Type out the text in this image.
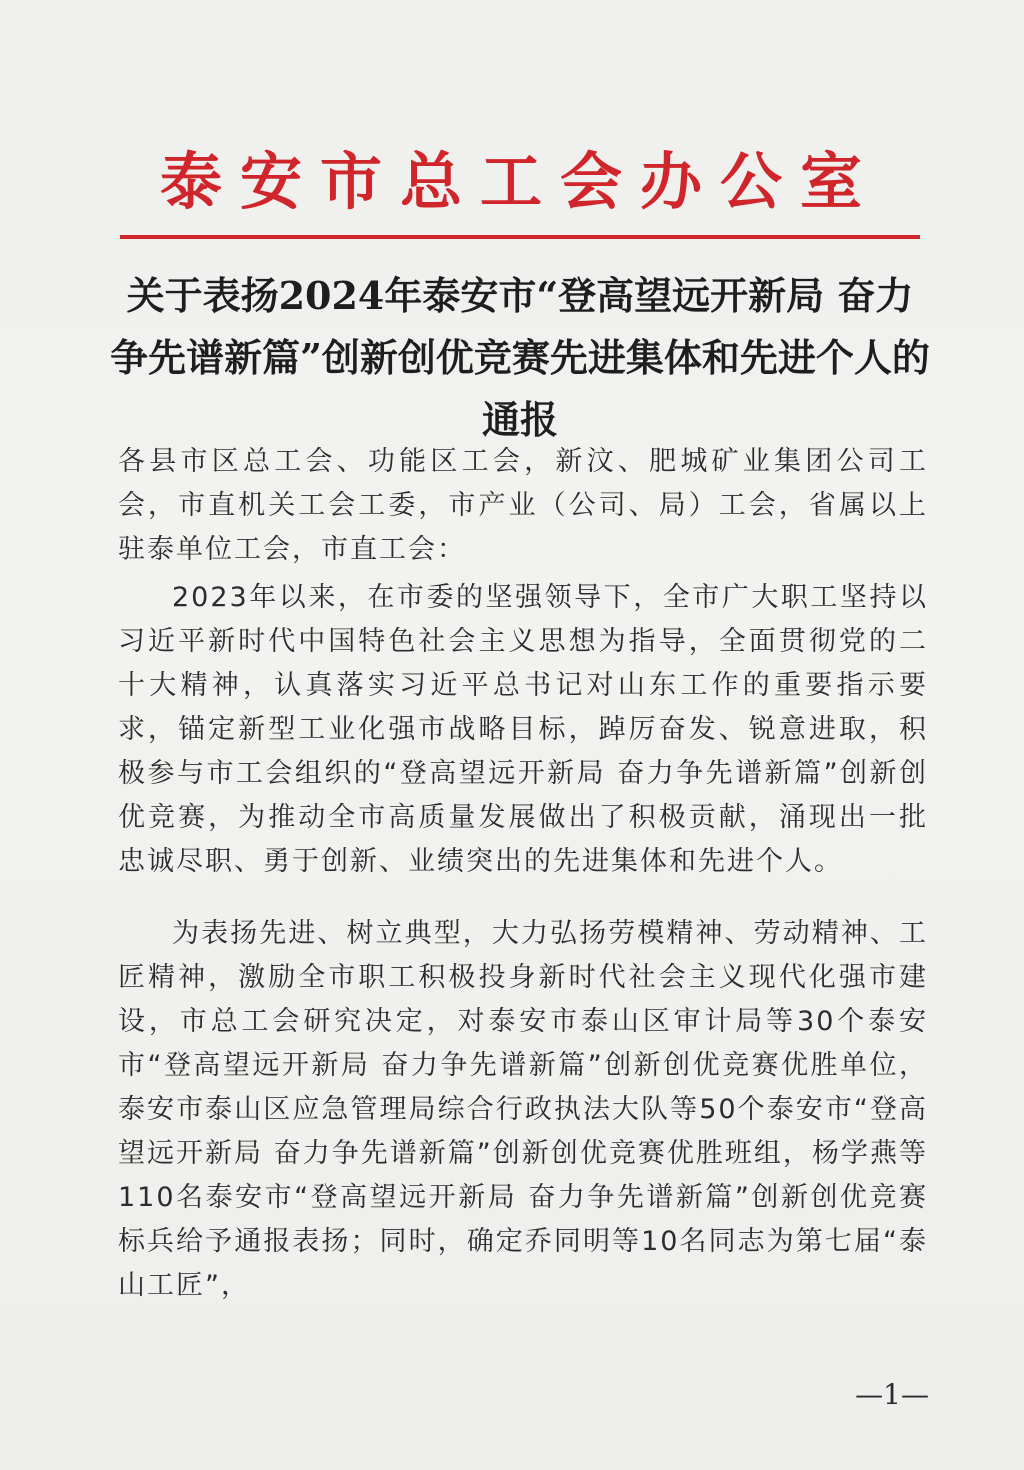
泰安市总工会办公室
关于表扬2024年泰安市“登高望远开新局 奋力争先谱新篇”创新创优竞赛先进集体和先进个人的通报

各县市区总工会、功能区工会，新汶、肥城矿业集团公司工会，市直机关工会工委，市产业（公司、局）工会，省属以上驻泰单位工会，市直工会：

2023年以来，在市委的坚强领导下，全市广大职工坚持以习近平新时代中国特色社会主义思想为指导，全面贯彻党的二十大精神，认真落实习近平总书记对山东工作的重要指示要求，锚定新型工业化强市战略目标，踔厉奋发、锐意进取，积极参与市工会组织的“登高望远开新局 奋力争先谱新篇”创新创优竞赛，为推动全市高质量发展做出了积极贡献，涌现出一批忠诚尽职、勇于创新、业绩突出的先进集体和先进个人。

为表扬先进、树立典型，大力弘扬劳模精神、劳动精神、工匠精神，激励全市职工积极投身新时代社会主义现代化强市建设，市总工会研究决定，对泰安市泰山区审计局等30个泰安市“登高望远开新局 奋力争先谱新篇”创新创优竞赛优胜单位，泰安市泰山区应急管理局综合行政执法大队等50个泰安市“登高望远开新局 奋力争先谱新篇”创新创优竞赛优胜班组，杨学燕等110名泰安市“登高望远开新局 奋力争先谱新篇”创新创优竞赛标兵给予通报表扬；同时，确定乔同明等10名同志为第七届“泰山工匠”，

—1—
